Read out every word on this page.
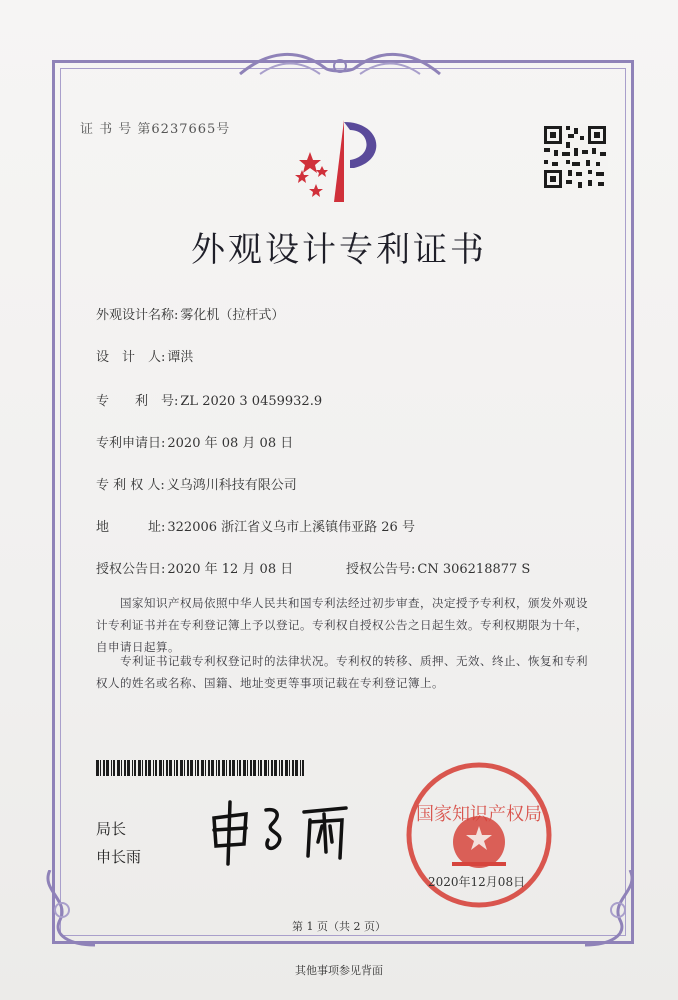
证 书 号 第6237665号
外观设计专利证书
外观设计名称: 雾化机（拉杆式）
设　计　人: 谭洪
专　　利　号: ZL 2020 3 0459932.9
专利申请日: 2020 年 08 月 08 日
专 利 权 人: 义乌鸿川科技有限公司
地　　　址: 322006 浙江省义乌市上溪镇伟亚路 26 号
授权公告日: 2020 年 12 月 08 日	授权公告号: CN 306218877 S
国家知识产权局依照中华人民共和国专利法经过初步审查，决定授予专利权，颁发外观设计专利证书并在专利登记簿上予以登记。专利权自授权公告之日起生效。专利权期限为十年，自申请日起算。
专利证书记载专利权登记时的法律状况。专利权的转移、质押、无效、终止、恢复和专利权人的姓名或名称、国籍、地址变更等事项记载在专利登记簿上。
局长
申长雨
国家知识产权局
2020年12月08日
第 1 页（共 2 页）
其他事项参见背面
